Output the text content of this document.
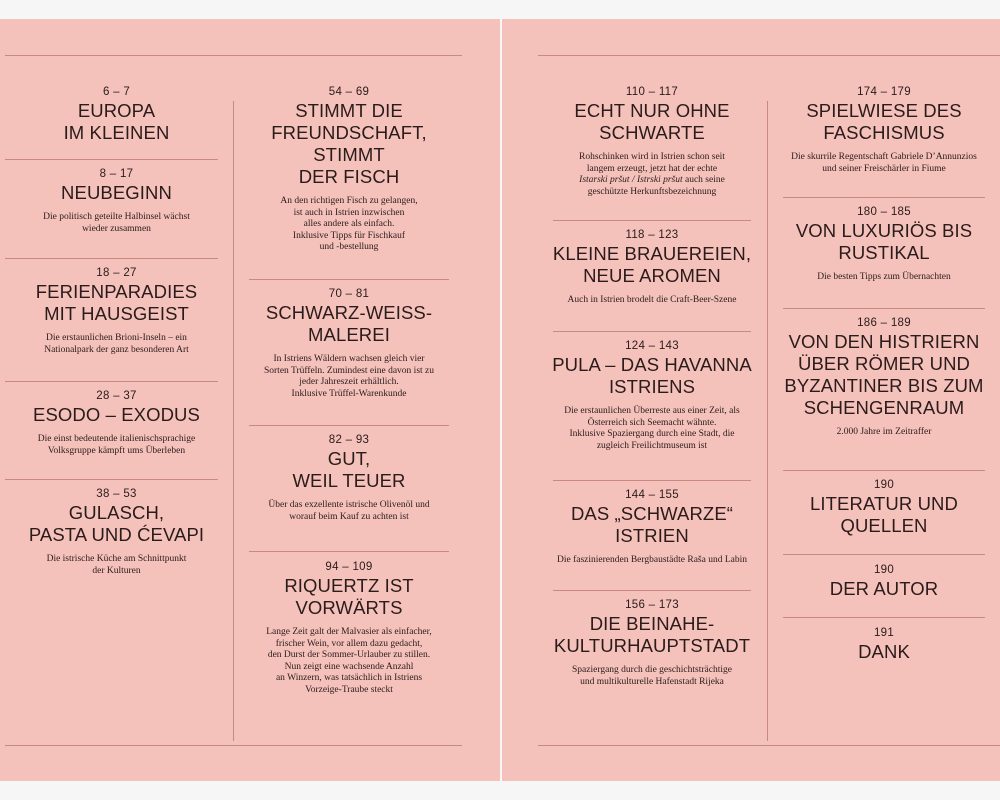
6 – 7
EUROPA
IM KLEINEN
8 – 17
NEUBEGINN
Die politisch geteilte Halbinsel wächst
wieder zusammen
18 – 27
FERIENPARADIES
MIT HAUSGEIST
Die erstaunlichen Brioni-Inseln – ein
Nationalpark der ganz besonderen Art
28 – 37
ESODO – EXODUS
Die einst bedeutende italienischsprachige
Volksgruppe kämpft ums Überleben
38 – 53
GULASCH,
PASTA UND ĆEVAPI
Die istrische Küche am Schnittpunkt
der Kulturen
54 – 69
STIMMT DIE
FREUNDSCHAFT,
STIMMT
DER FISCH
An den richtigen Fisch zu gelangen,
ist auch in Istrien inzwischen
alles andere als einfach.
Inklusive Tipps für Fischkauf
und -bestellung
70 – 81
SCHWARZ-WEISS-
MALEREI
In Istriens Wäldern wachsen gleich vier
Sorten Trüffeln. Zumindest eine davon ist zu
jeder Jahreszeit erhältlich.
Inklusive Trüffel-Warenkunde
82 – 93
GUT,
WEIL TEUER
Über das exzellente istrische Olivenöl und
worauf beim Kauf zu achten ist
94 – 109
RIQUERTZ IST
VORWÄRTS
Lange Zeit galt der Malvasier als einfacher,
frischer Wein, vor allem dazu gedacht,
den Durst der Sommer-Urlauber zu stillen.
Nun zeigt eine wachsende Anzahl
an Winzern, was tatsächlich in Istriens
Vorzeige-Traube steckt
110 – 117
ECHT NUR OHNE
SCHWARTE
Rohschinken wird in Istrien schon seit
langem erzeugt, jetzt hat der echte
Istarski pršut / Istrski pršut auch seine
geschützte Herkunftsbezeichnung
118 – 123
KLEINE BRAUEREIEN,
NEUE AROMEN
Auch in Istrien brodelt die Craft-Beer-Szene
124 – 143
PULA – DAS HAVANNA
ISTRIENS
Die erstaunlichen Überreste aus einer Zeit, als
Österreich sich Seemacht wähnte.
Inklusive Spaziergang durch eine Stadt, die
zugleich Freilichtmuseum ist
144 – 155
DAS „SCHWARZE“
ISTRIEN
Die faszinierenden Bergbaustädte Raša und Labin
156 – 173
DIE BEINAHE-
KULTURHAUPTSTADT
Spaziergang durch die geschichtsträchtige
und multikulturelle Hafenstadt Rijeka
174 – 179
SPIELWIESE DES
FASCHISMUS
Die skurrile Regentschaft Gabriele D’Annunzios
und seiner Freischärler in Fiume
180 – 185
VON LUXURIÖS BIS
RUSTIKAL
Die besten Tipps zum Übernachten
186 – 189
VON DEN HISTRIERN
ÜBER RÖMER UND
BYZANTINER BIS ZUM
SCHENGENRAUM
2.000 Jahre im Zeitraffer
190
LITERATUR UND
QUELLEN
190
DER AUTOR
191
DANK
